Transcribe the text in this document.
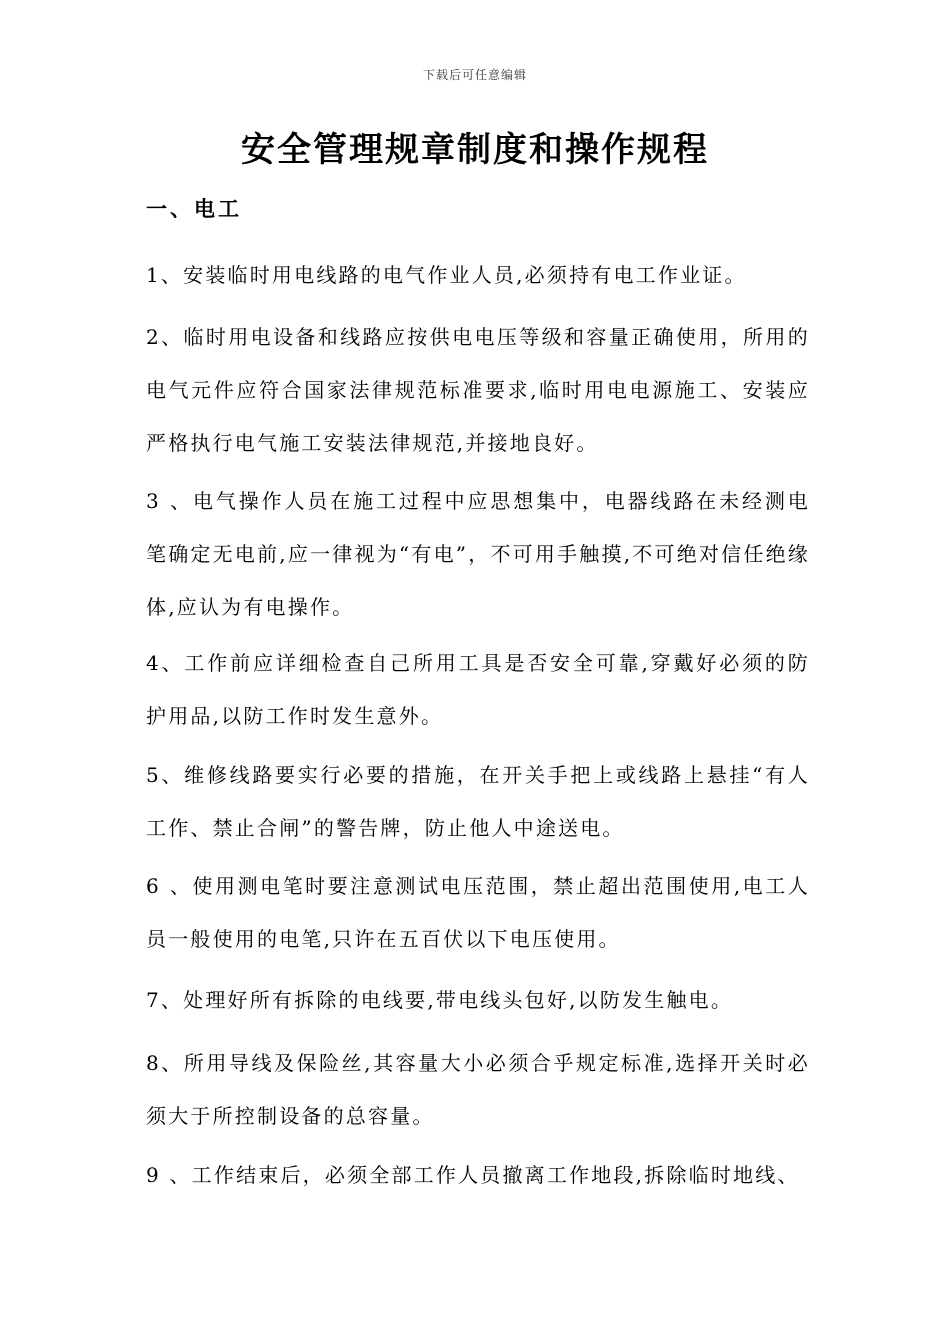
下载后可任意编辑
安全管理规章制度和操作规程
一、电工

1、安装临时用电线路的电气作业人员,必须持有电工作业证。

2、临时用电设备和线路应按供电电压等级和容量正确使用，所用的电气元件应符合国家法律规范标准要求,临时用电电源施工、安装应严格执行电气施工安装法律规范,并接地良好。

3 、电气操作人员在施工过程中应思想集中，电器线路在未经测电笔确定无电前,应一律视为“有电”，不可用手触摸,不可绝对信任绝缘体,应认为有电操作。

4、工作前应详细检查自己所用工具是否安全可靠,穿戴好必须的防护用品,以防工作时发生意外。

5、维修线路要实行必要的措施，在开关手把上或线路上悬挂“有人工作、禁止合闸”的警告牌，防止他人中途送电。

6 、使用测电笔时要注意测试电压范围，禁止超出范围使用,电工人员一般使用的电笔,只许在五百伏以下电压使用。

7、处理好所有拆除的电线要,带电线头包好,以防发生触电。

8、所用导线及保险丝,其容量大小必须合乎规定标准,选择开关时必须大于所控制设备的总容量。

9 、工作结束后，必须全部工作人员撤离工作地段,拆除临时地线、
